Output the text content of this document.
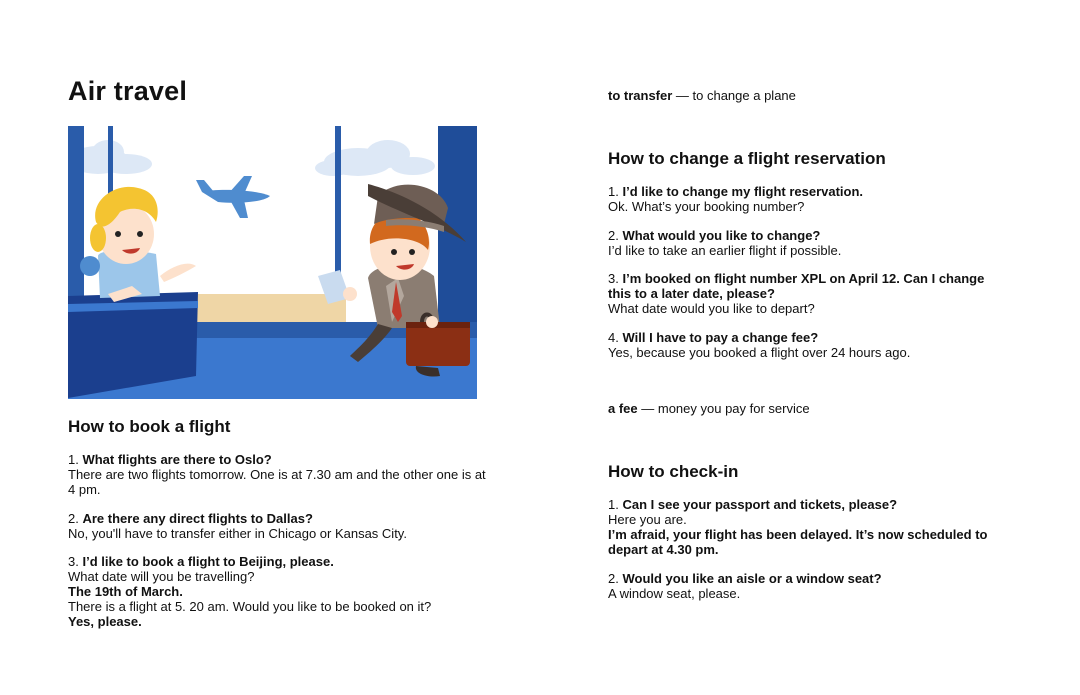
Air travel
How to book a flight

1. What flights are there to Oslo?

There are two flights tomorrow. One is at 7.30 am and the other one is at 4 pm.

2. Are there any direct flights to Dallas?

No, you'll have to transfer either in Chicago or Kansas City.

3. I’d like to book a flight to Beijing, please.

What date will you be travelling?

The 19th of March.

There is a flight at 5. 20 am. Would you like to be booked on it?

Yes, please.

to transfer — to change a plane
How to change a flight reservation

1. I’d like to change my flight reservation.

Ok. What’s your booking number?

2. What would you like to change?

I’d like to take an earlier flight if possible.

3. I’m booked on flight number XPL on April 12. Can I change this to a later date, please?

What date would you like to depart?

4. Will I have to pay a change fee?

Yes, because you booked a flight over 24 hours ago.

a fee — money you pay for service
How to check-in

1. Can I see your passport and tickets, please?

Here you are.

I’m afraid, your flight has been delayed. It’s now scheduled to depart at 4.30 pm.

2. Would you like an aisle or a window seat?

A window seat, please.
